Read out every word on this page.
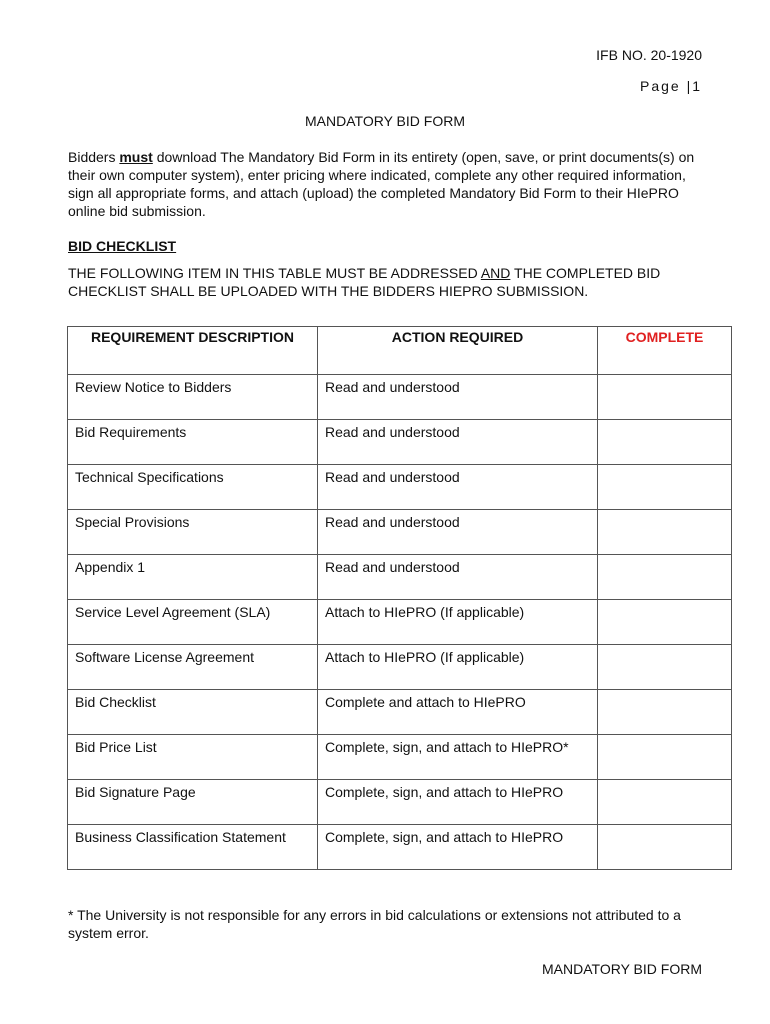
IFB NO. 20-1920
Page |1
MANDATORY BID FORM
Bidders must download The Mandatory Bid Form in its entirety (open, save, or print documents(s) on their own computer system), enter pricing where indicated, complete any other required information, sign all appropriate forms, and attach (upload) the completed Mandatory Bid Form to their HIePRO online bid submission.
BID CHECKLIST
THE FOLLOWING ITEM IN THIS TABLE MUST BE ADDRESSED AND THE COMPLETED BID CHECKLIST SHALL BE UPLOADED WITH THE BIDDERS HIEPRO SUBMISSION.
REQUIREMENT DESCRIPTION	ACTION REQUIRED	COMPLETE

Review Notice to Bidders	Read and understood	

Bid Requirements	Read and understood	

Technical Specifications	Read and understood	

Special Provisions	Read and understood	

Appendix 1	Read and understood	

Service Level Agreement (SLA)	Attach to HIePRO (If applicable)	

Software License Agreement	Attach to HIePRO (If applicable)	

Bid Checklist	Complete and attach to HIePRO	

Bid Price List	Complete, sign, and attach to HIePRO*	

Bid Signature Page	Complete, sign, and attach to HIePRO	

Business Classification Statement	Complete, sign, and attach to HIePRO	

* The University is not responsible for any errors in bid calculations or extensions not attributed to a system error.
MANDATORY BID FORM
